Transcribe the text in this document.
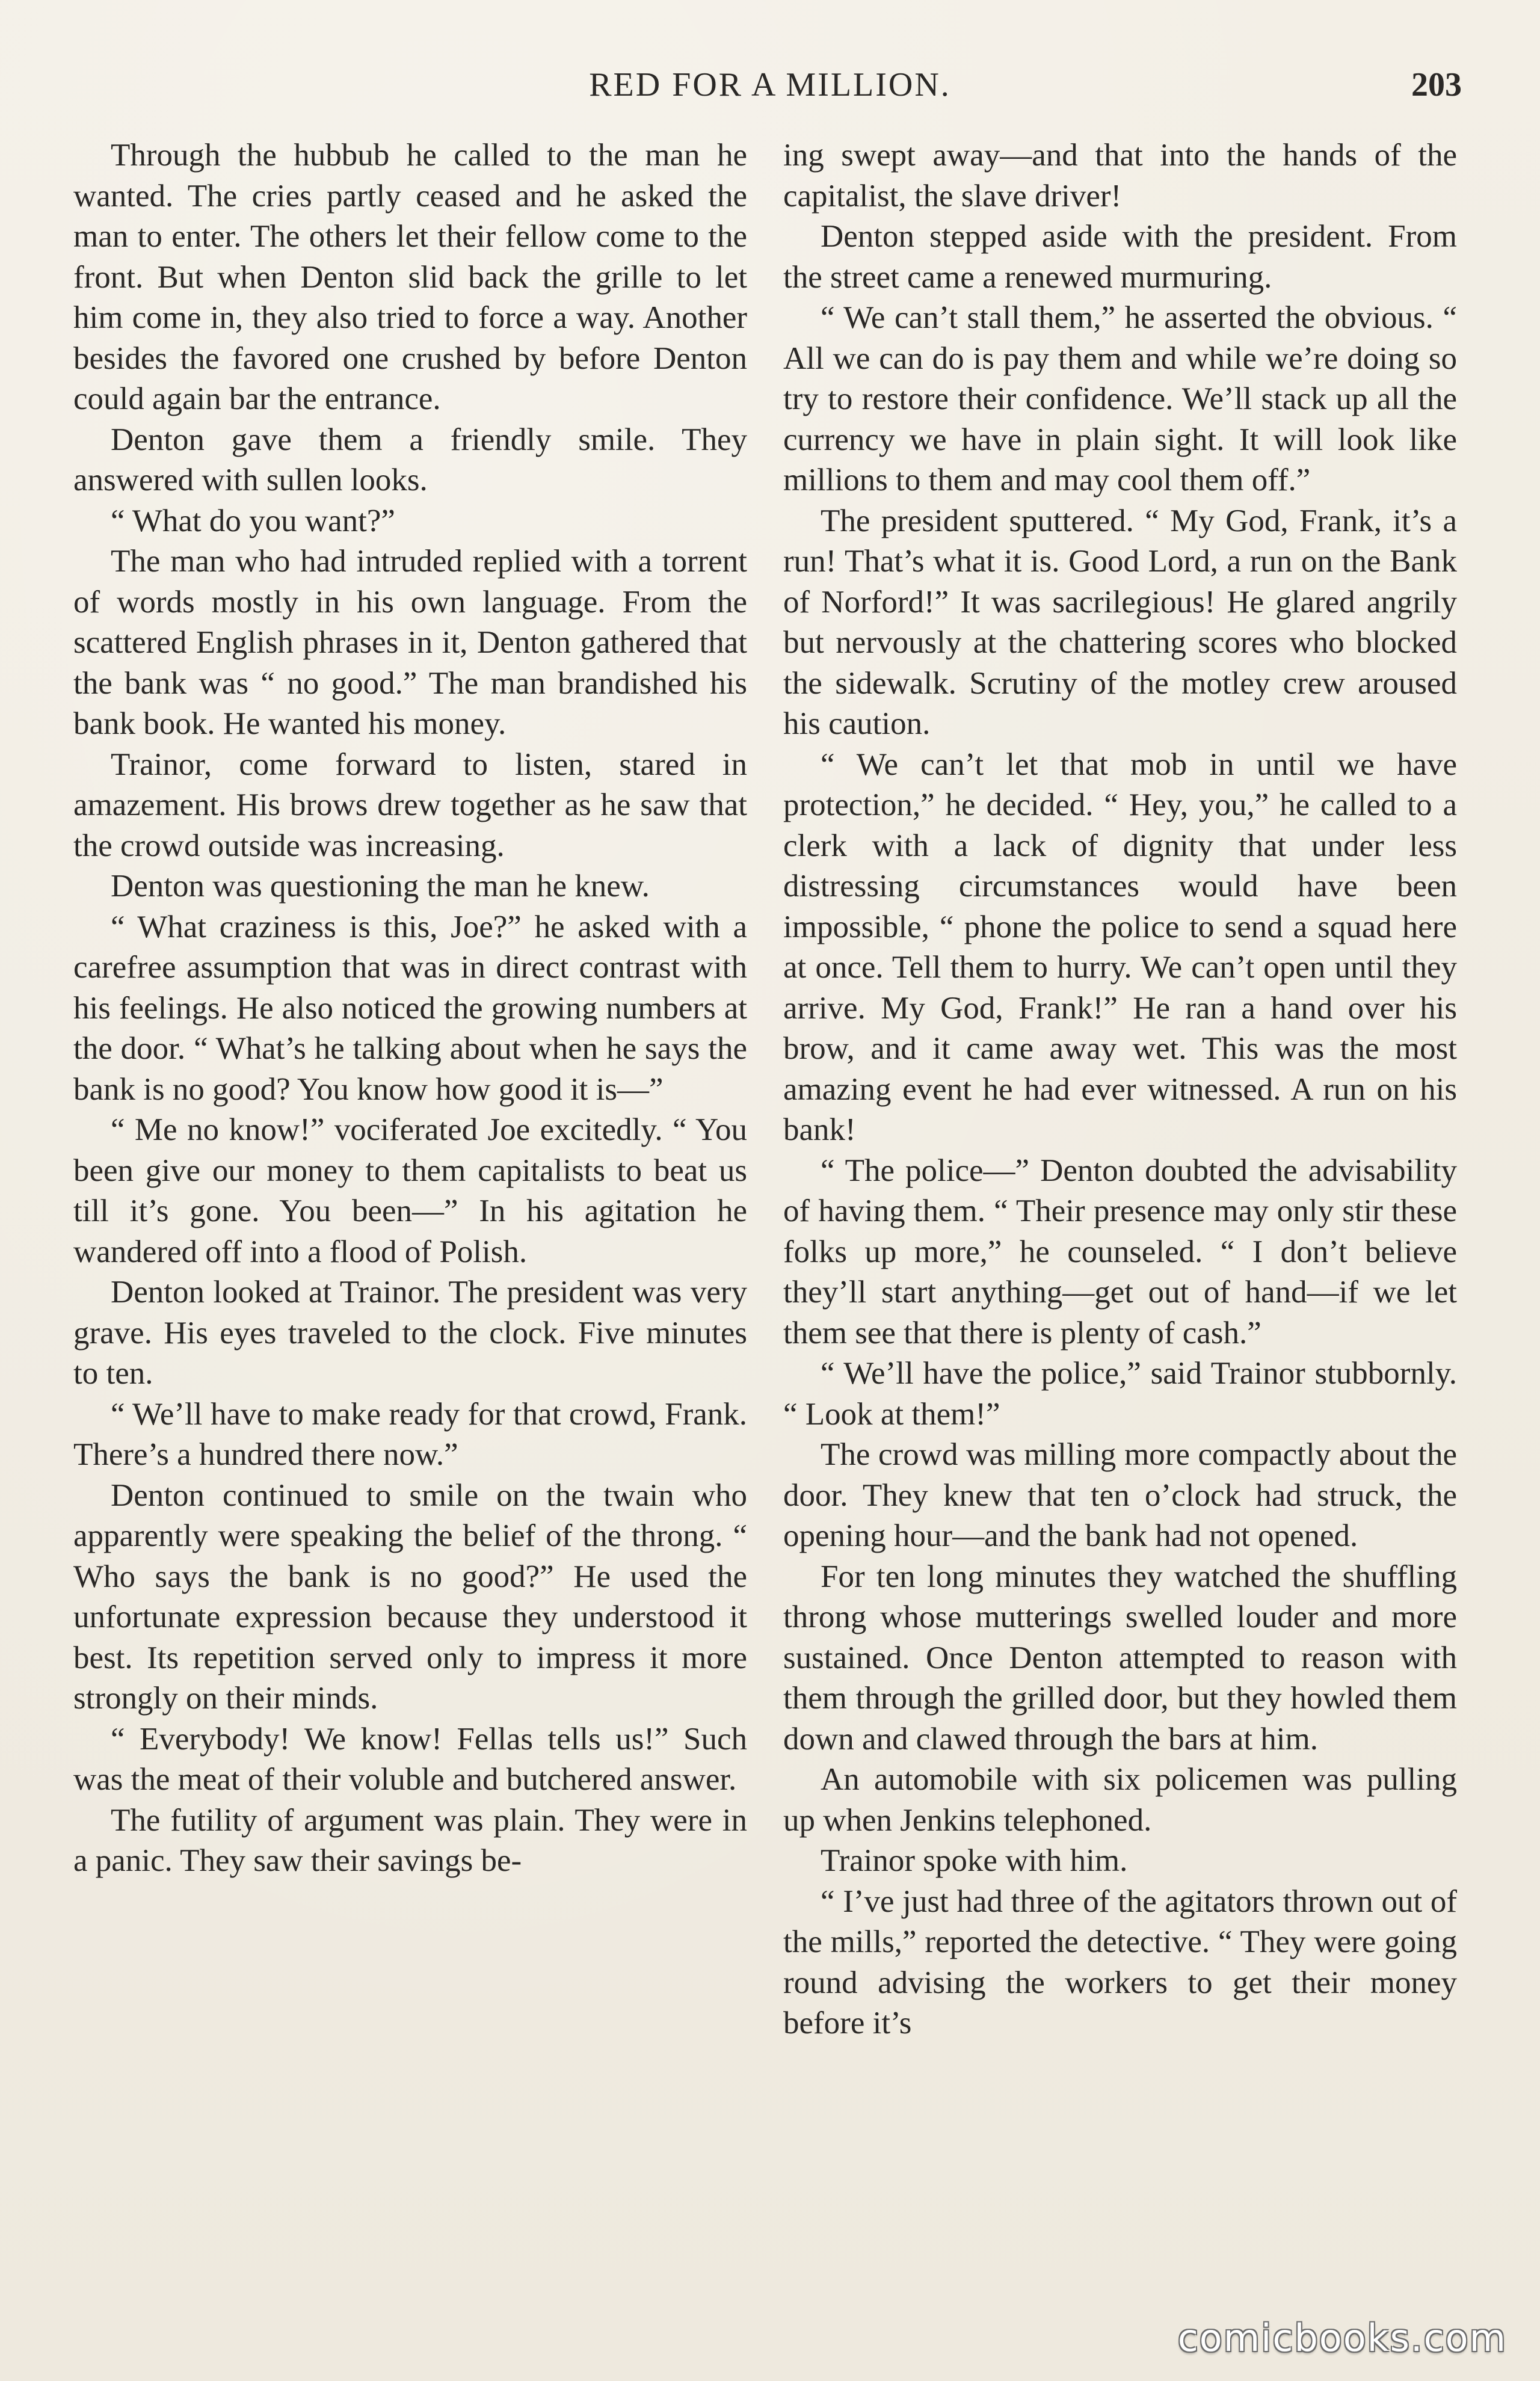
RED FOR A MILLION.	203

Through the hubbub he called to the man he wanted. The cries partly ceased and he asked the man to enter. The others let their fellow come to the front. But when Denton slid back the grille to let him come in, they also tried to force a way. Another besides the favored one crushed by before Denton could again bar the entrance.

Denton gave them a friendly smile. They answered with sullen looks.

“ What do you want?”

The man who had intruded replied with a torrent of words mostly in his own language. From the scattered English phrases in it, Denton gathered that the bank was “ no good.” The man brandished his bank book. He wanted his money.

Trainor, come forward to listen, stared in amazement. His brows drew together as he saw that the crowd outside was increasing.

Denton was questioning the man he knew.

“ What craziness is this, Joe?” he asked with a carefree assumption that was in direct contrast with his feelings. He also noticed the growing numbers at the door. “ What’s he talking about when he says the bank is no good? You know how good it is—”

“ Me no know!” vociferated Joe excitedly. “ You been give our money to them capitalists to beat us till it’s gone. You been—” In his agitation he wandered off into a flood of Polish.

Denton looked at Trainor. The president was very grave. His eyes traveled to the clock. Five minutes to ten.

“ We’ll have to make ready for that crowd, Frank. There’s a hundred there now.”

Denton continued to smile on the twain who apparently were speaking the belief of the throng. “ Who says the bank is no good?” He used the unfortunate expression because they understood it best. Its repetition served only to impress it more strongly on their minds.

“ Everybody! We know! Fellas tells us!” Such was the meat of their voluble and butchered answer.

The futility of argument was plain. They were in a panic. They saw their savings be-

ing swept away—and that into the hands of the capitalist, the slave driver!

Denton stepped aside with the president. From the street came a renewed murmuring.

“ We can’t stall them,” he asserted the obvious. “ All we can do is pay them and while we’re doing so try to restore their confidence. We’ll stack up all the currency we have in plain sight. It will look like millions to them and may cool them off.”

The president sputtered. “ My God, Frank, it’s a run! That’s what it is. Good Lord, a run on the Bank of Norford!” It was sacrilegious! He glared angrily but nervously at the chattering scores who blocked the sidewalk. Scrutiny of the motley crew aroused his caution.

“ We can’t let that mob in until we have protection,” he decided. “ Hey, you,” he called to a clerk with a lack of dignity that under less distressing circumstances would have been impossible, “ phone the police to send a squad here at once. Tell them to hurry. We can’t open until they arrive. My God, Frank!” He ran a hand over his brow, and it came away wet. This was the most amazing event he had ever witnessed. A run on his bank!

“ The police—” Denton doubted the advisability of having them. “ Their presence may only stir these folks up more,” he counseled. “ I don’t believe they’ll start anything—get out of hand—if we let them see that there is plenty of cash.”

“ We’ll have the police,” said Trainor stubbornly. “ Look at them!”

The crowd was milling more compactly about the door. They knew that ten o’clock had struck, the opening hour—and the bank had not opened.

For ten long minutes they watched the shuffling throng whose mutterings swelled louder and more sustained. Once Denton attempted to reason with them through the grilled door, but they howled them down and clawed through the bars at him.

An automobile with six policemen was pulling up when Jenkins telephoned.

Trainor spoke with him.

“ I’ve just had three of the agitators thrown out of the mills,” reported the detective. “ They were going round advising the workers to get their money before it’s

comicbooks.com
